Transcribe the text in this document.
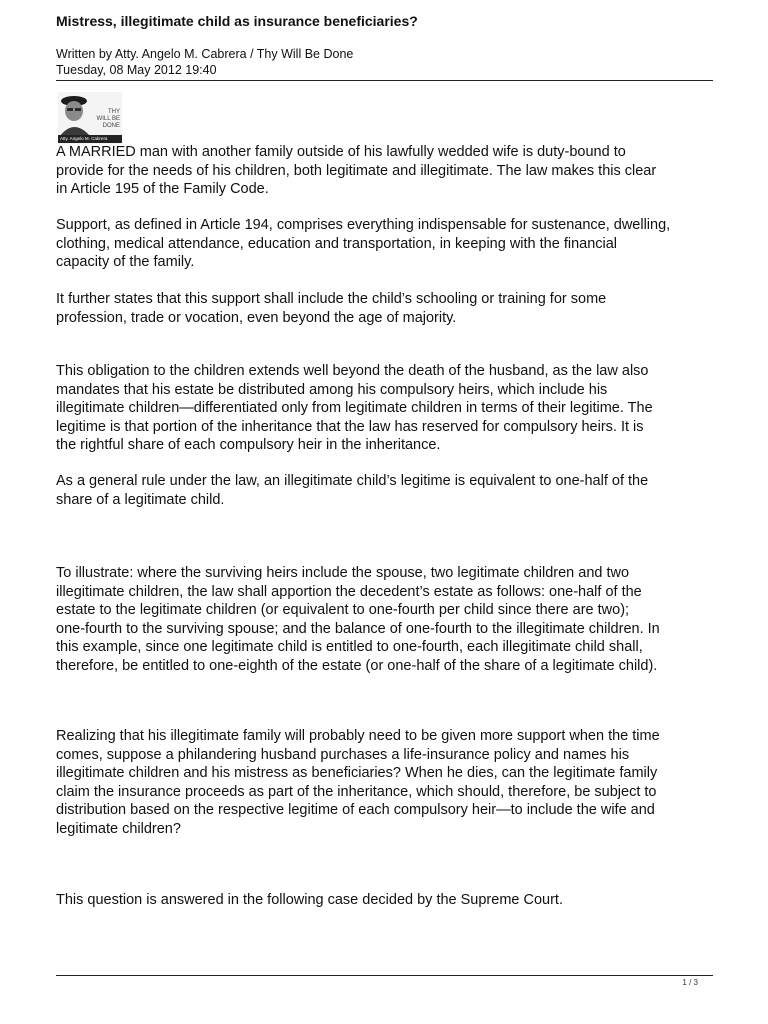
Mistress, illegitimate child as insurance beneficiaries?
Written by Atty. Angelo M. Cabrera / Thy Will Be Done
Tuesday, 08 May 2012 19:40
THY
WILL BE
DONE
Atty. Angelo M. Cabrera

A MARRIED man with another family outside of his lawfully wedded wife is duty-bound to
provide for the needs of his children, both legitimate and illegitimate. The law makes this clear
in Article 195 of the Family Code.

Support, as defined in Article 194, comprises everything indispensable for sustenance, dwelling,
clothing, medical attendance, education and transportation, in keeping with the financial
capacity of the family.

It further states that this support shall include the child’s schooling or training for some
profession, trade or vocation, even beyond the age of majority.

This obligation to the children extends well beyond the death of the husband, as the law also
mandates that his estate be distributed among his compulsory heirs, which include his
illegitimate children—differentiated only from legitimate children in terms of their legitime. The
legitime is that portion of the inheritance that the law has reserved for compulsory heirs. It is
the rightful share of each compulsory heir in the inheritance.

As a general rule under the law, an illegitimate child’s legitime is equivalent to one-half of the
share of a legitimate child.

To illustrate: where the surviving heirs include the spouse, two legitimate children and two
illegitimate children, the law shall apportion the decedent’s estate as follows: one-half of the
estate to the legitimate children (or equivalent to one-fourth per child since there are two);
one-fourth to the surviving spouse; and the balance of one-fourth to the illegitimate children. In
this example, since one legitimate child is entitled to one-fourth, each illegitimate child shall,
therefore, be entitled to one-eighth of the estate (or one-half of the share of a legitimate child).

Realizing that his illegitimate family will probably need to be given more support when the time
comes, suppose a philandering husband purchases a life-insurance policy and names his
illegitimate children and his mistress as beneficiaries? When he dies, can the legitimate family
claim the insurance proceeds as part of the inheritance, which should, therefore, be subject to
distribution based on the respective legitime of each compulsory heir—to include the wife and
legitimate children?

This question is answered in the following case decided by the Supreme Court.

1 / 3
